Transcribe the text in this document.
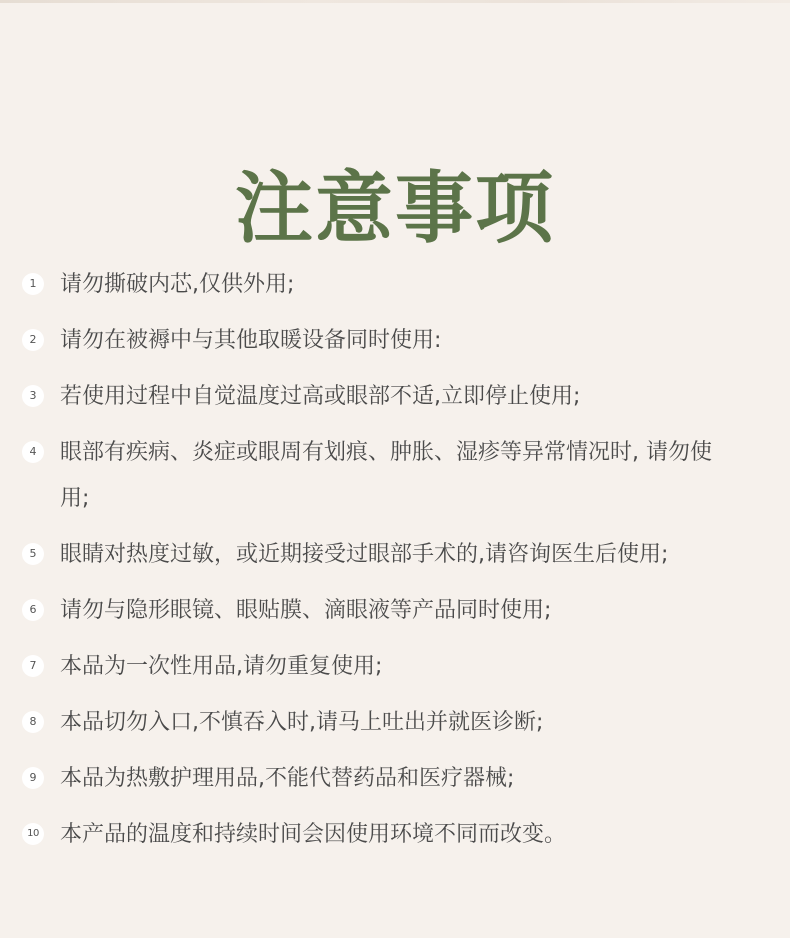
注意事项
1	请勿撕破内芯,仅供外用;
2	请勿在被褥中与其他取暖设备同时使用:
3	若使用过程中自觉温度过高或眼部不适,立即停止使用;
4	眼部有疾病、炎症或眼周有划痕、肿胀、湿疹等异常情况时, 请勿使用;
5	眼睛对热度过敏，或近期接受过眼部手术的,请咨询医生后使用;
6	请勿与隐形眼镜、眼贴膜、滴眼液等产品同时使用;
7	本品为一次性用品,请勿重复使用;
8	本品切勿入口,不慎吞入时,请马上吐出并就医诊断;
9	本品为热敷护理用品,不能代替药品和医疗器械;
10 本产品的温度和持续时间会因使用环境不同而改变。
